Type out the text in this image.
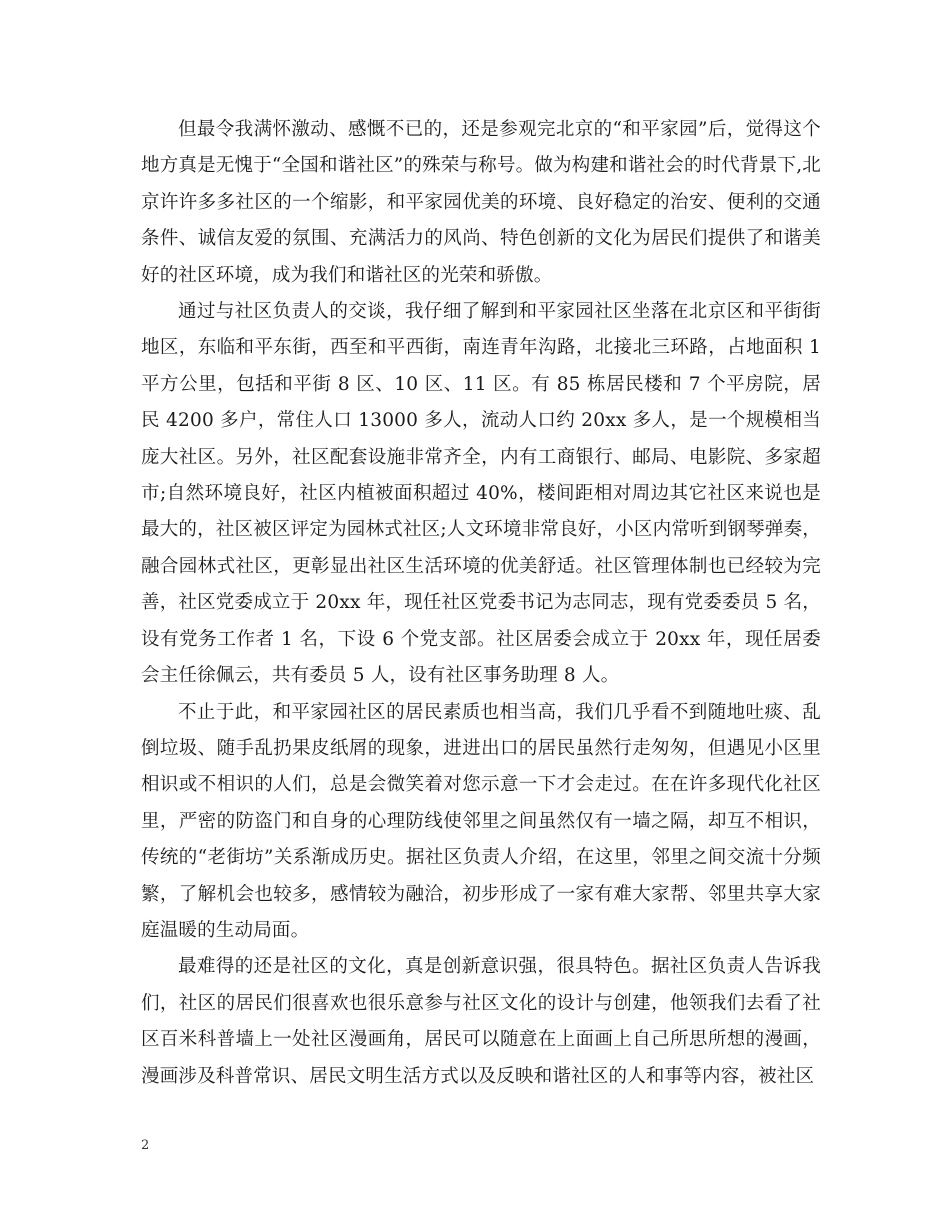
但最令我满怀激动、感慨不已的，还是参观完北京的“和平家园”后，觉得这个地方真是无愧于“全国和谐社区”的殊荣与称号。做为构建和谐社会的时代背景下,北京许许多多社区的一个缩影，和平家园优美的环境、良好稳定的治安、便利的交通条件、诚信友爱的氛围、充满活力的风尚、特色创新的文化为居民们提供了和谐美好的社区环境，成为我们和谐社区的光荣和骄傲。

通过与社区负责人的交谈，我仔细了解到和平家园社区坐落在北京区和平街街地区，东临和平东街，西至和平西街，南连青年沟路，北接北三环路，占地面积 1 平方公里，包括和平街 8 区、10 区、11 区。有 85 栋居民楼和 7 个平房院，居民 4200 多户，常住人口 13000 多人，流动人口约 20xx 多人，是一个规模相当庞大社区。另外，社区配套设施非常齐全，内有工商银行、邮局、电影院、多家超市;自然环境良好，社区内植被面积超过 40%，楼间距相对周边其它社区来说也是最大的，社区被区评定为园林式社区;人文环境非常良好，小区内常听到钢琴弹奏，融合园林式社区，更彰显出社区生活环境的优美舒适。社区管理体制也已经较为完善，社区党委成立于 20xx 年，现任社区党委书记为志同志，现有党委委员 5 名，设有党务工作者 1 名，下设 6 个党支部。社区居委会成立于 20xx 年，现任居委会主任徐佩云，共有委员 5 人，设有社区事务助理 8 人。

不止于此，和平家园社区的居民素质也相当高，我们几乎看不到随地吐痰、乱倒垃圾、随手乱扔果皮纸屑的现象，进进出口的居民虽然行走匆匆，但遇见小区里相识或不相识的人们，总是会微笑着对您示意一下才会走过。在在许多现代化社区里，严密的防盗门和自身的心理防线使邻里之间虽然仅有一墙之隔，却互不相识，传统的“老街坊”关系渐成历史。据社区负责人介绍，在这里，邻里之间交流十分频繁，了解机会也较多，感情较为融洽，初步形成了一家有难大家帮、邻里共享大家庭温暖的生动局面。

最难得的还是社区的文化，真是创新意识强，很具特色。据社区负责人告诉我们，社区的居民们很喜欢也很乐意参与社区文化的设计与创建，他领我们去看了社区百米科普墙上一处社区漫画角，居民可以随意在上面画上自己所思所想的漫画，漫画涉及科普常识、居民文明生活方式以及反映和谐社区的人和事等内容，被社区

2
